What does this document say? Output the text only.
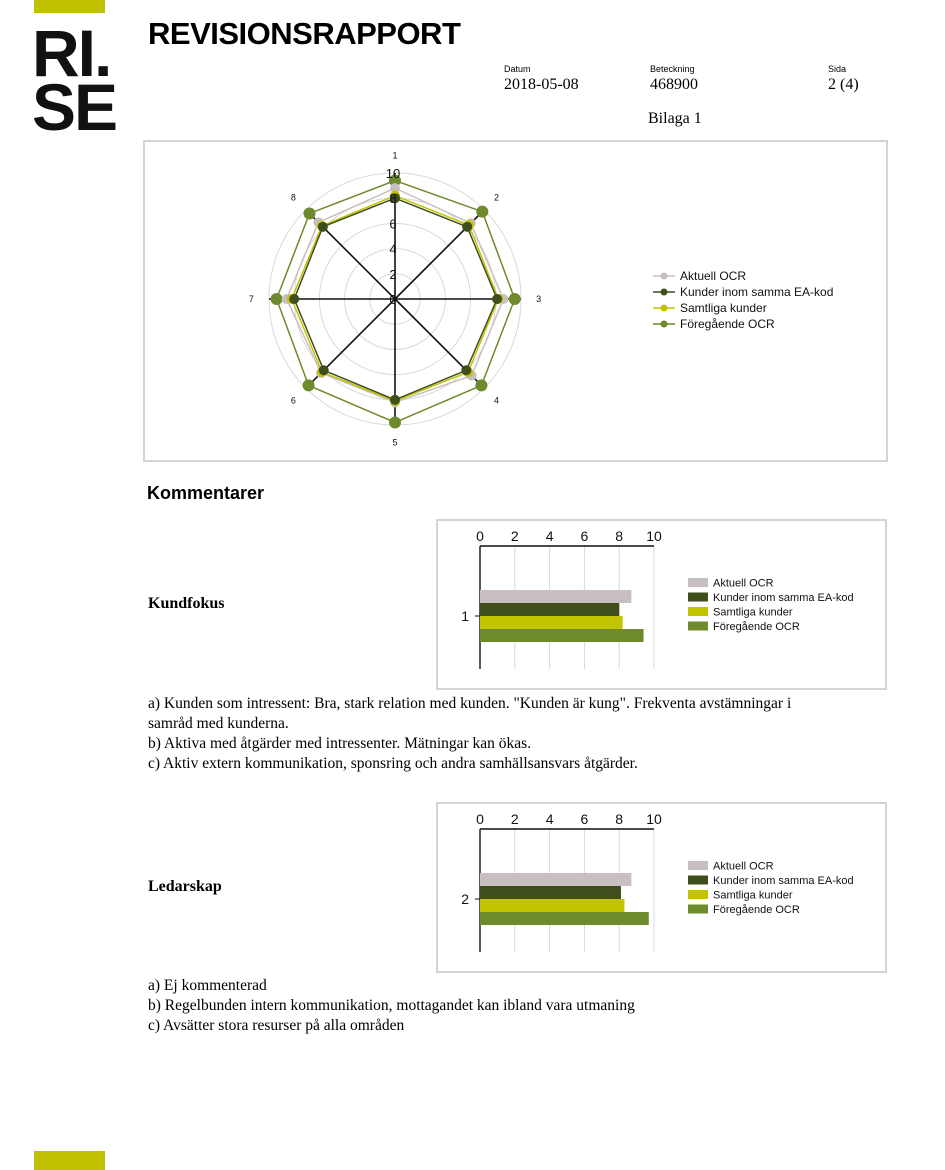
RI.
SE
REVISIONSRAPPORT
Datum
2018-05-08
Beteckning
468900
Sida
2 (4)
Bilaga 1
0
2
4
6
8
10
1
2
3
4
5
6
7
8
Aktuell OCR
Kunder inom samma EA-kod
Samtliga kunder
Föregående OCR
Kommentarer
Kundfokus
0 2 4 6 8 10
1
Aktuell OCR
Kunder inom samma EA-kod
Samtliga kunder
Föregående OCR
a) Kunden som intressent: Bra, stark relation med kunden. "Kunden är kung". Frekventa avstämningar i
samråd med kunderna.
b) Aktiva med åtgärder med intressenter. Mätningar kan ökas.
c) Aktiv extern kommunikation, sponsring och andra samhällsansvars åtgärder.
Ledarskap
0 2 4 6 8 10
2
Aktuell OCR
Kunder inom samma EA-kod
Samtliga kunder
Föregående OCR
a) Ej kommenterad
b) Regelbunden intern kommunikation, mottagandet kan ibland vara utmaning
c) Avsätter stora resurser på alla områden
